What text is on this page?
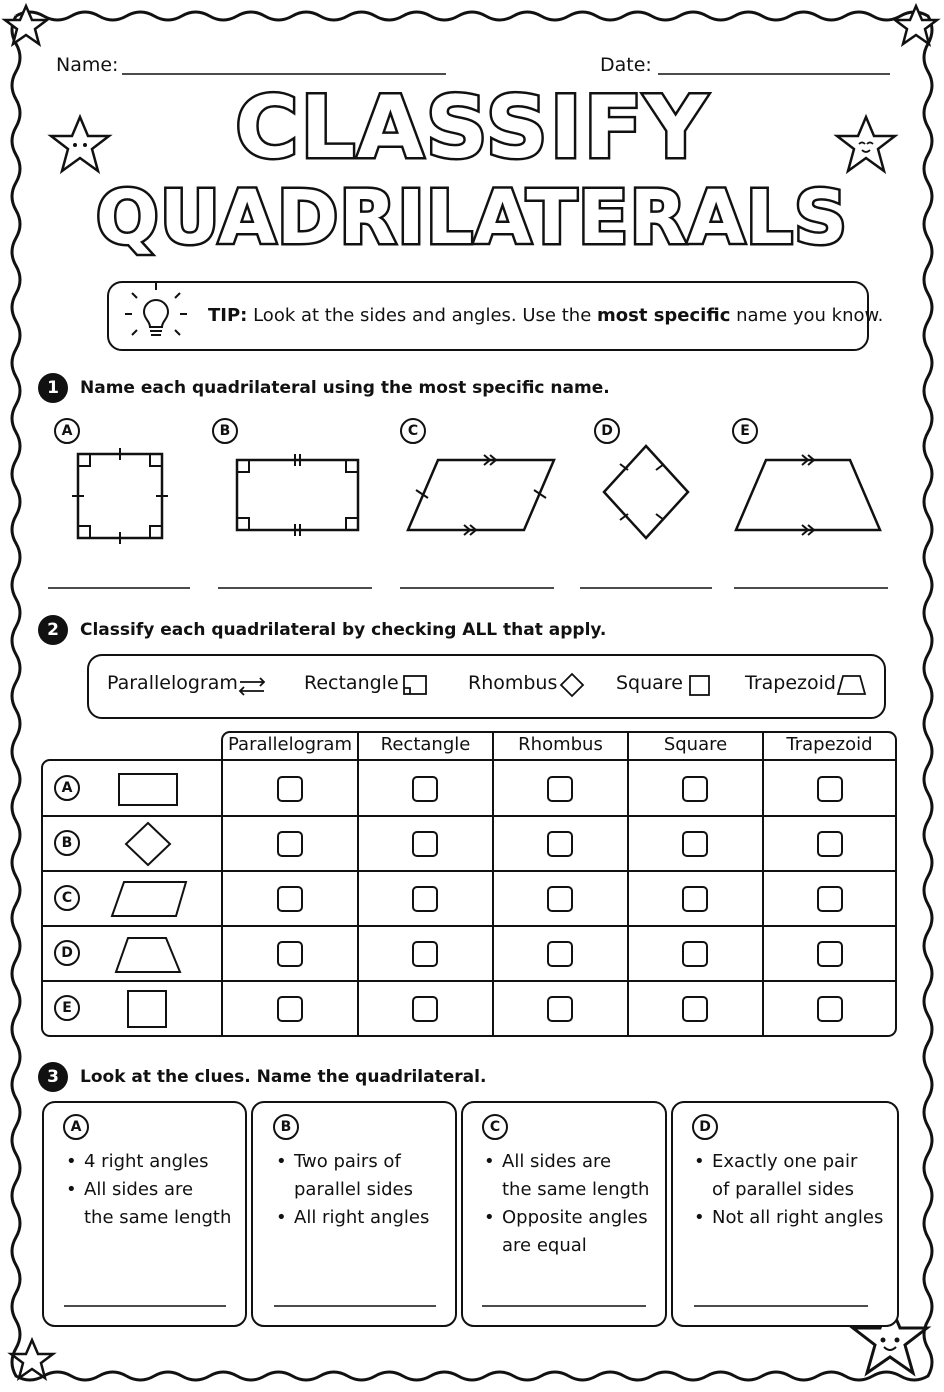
Name:	Date:
CLASSIFY
QUADRILATERALS
TIP: Look at the sides and angles. Use the most specific name you know.
1	Name each quadrilateral using the most specific name.
A	B	C	D	E
2	Classify each quadrilateral by checking ALL that apply.
Parallelogram	Rectangle	Rhombus	Square	Trapezoid
Parallelogram	Rectangle	Rhombus	Square	Trapezoid
A
B
C
D
E
3	Look at the clues. Name the quadrilateral.
A	B	C	D
• 4 right angles
• All sides are
the same length
• Two pairs of
parallel sides
• All right angles
• All sides are
the same length
• Opposite angles
are equal
• Exactly one pair
of parallel sides
• Not all right angles
